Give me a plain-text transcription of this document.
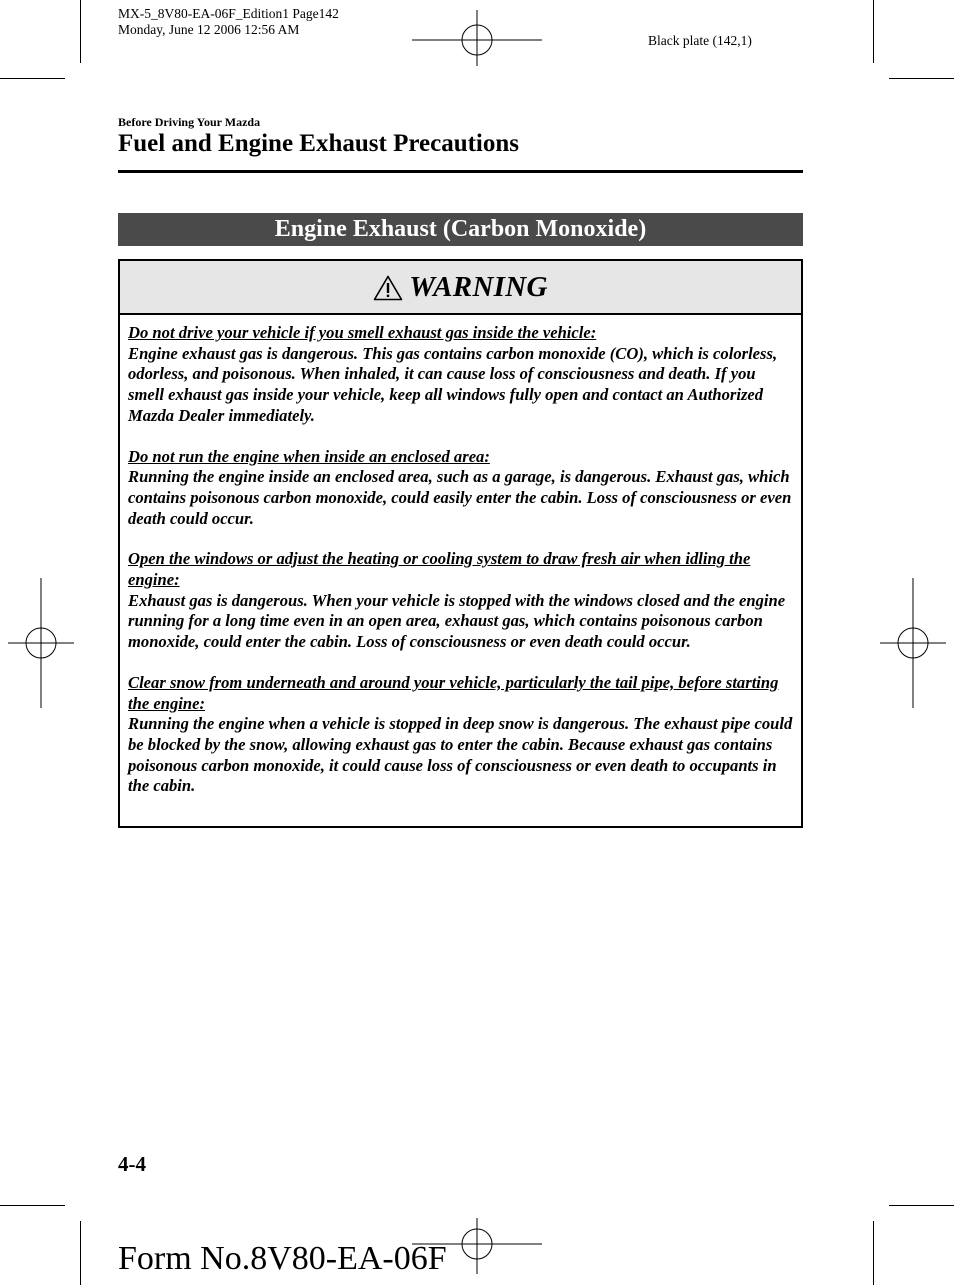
MX-5_8V80-EA-06F_Edition1 Page142
Monday, June 12 2006 12:56 AM
Black plate (142,1)
Before Driving Your Mazda
Fuel and Engine Exhaust Precautions
Engine Exhaust (Carbon Monoxide)
WARNING
Do not drive your vehicle if you smell exhaust gas inside the vehicle:
Engine exhaust gas is dangerous. This gas contains carbon monoxide (CO), which is colorless, odorless, and poisonous. When inhaled, it can cause loss of consciousness and death. If you smell exhaust gas inside your vehicle, keep all windows fully open and contact an Authorized Mazda Dealer immediately.
Do not run the engine when inside an enclosed area:
Running the engine inside an enclosed area, such as a garage, is dangerous. Exhaust gas, which contains poisonous carbon monoxide, could easily enter the cabin. Loss of consciousness or even death could occur.
Open the windows or adjust the heating or cooling system to draw fresh air when idling the engine:
Exhaust gas is dangerous. When your vehicle is stopped with the windows closed and the engine running for a long time even in an open area, exhaust gas, which contains poisonous carbon monoxide, could enter the cabin. Loss of consciousness or even death could occur.
Clear snow from underneath and around your vehicle, particularly the tail pipe, before starting the engine:
Running the engine when a vehicle is stopped in deep snow is dangerous. The exhaust pipe could be blocked by the snow, allowing exhaust gas to enter the cabin. Because exhaust gas contains poisonous carbon monoxide, it could cause loss of consciousness or even death to occupants in the cabin.
4-4
Form No.8V80-EA-06F
